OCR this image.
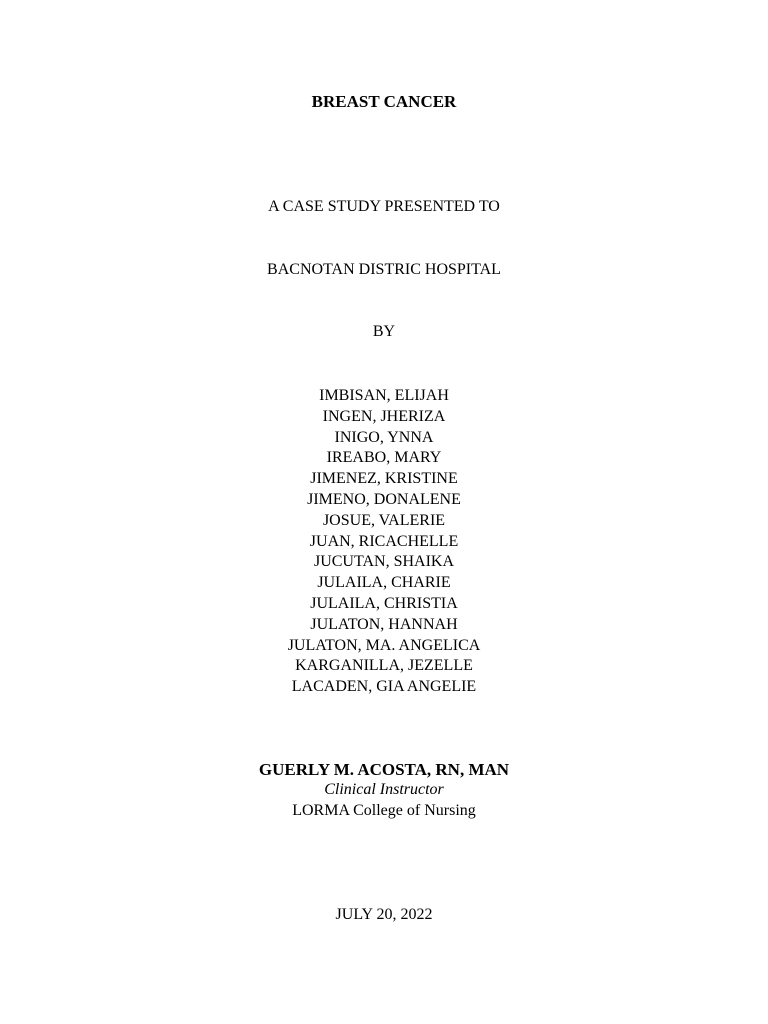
BREAST CANCER
A CASE STUDY PRESENTED TO
BACNOTAN DISTRIC HOSPITAL
BY
IMBISAN, ELIJAH
INGEN, JHERIZA
INIGO, YNNA
IREABO, MARY
JIMENEZ, KRISTINE
JIMENO, DONALENE
JOSUE, VALERIE
JUAN, RICACHELLE
JUCUTAN, SHAIKA
JULAILA, CHARIE
JULAILA, CHRISTIA
JULATON, HANNAH
JULATON, MA. ANGELICA
KARGANILLA, JEZELLE
LACADEN, GIA ANGELIE
GUERLY M. ACOSTA, RN, MAN
Clinical Instructor
LORMA College of Nursing
JULY 20, 2022
